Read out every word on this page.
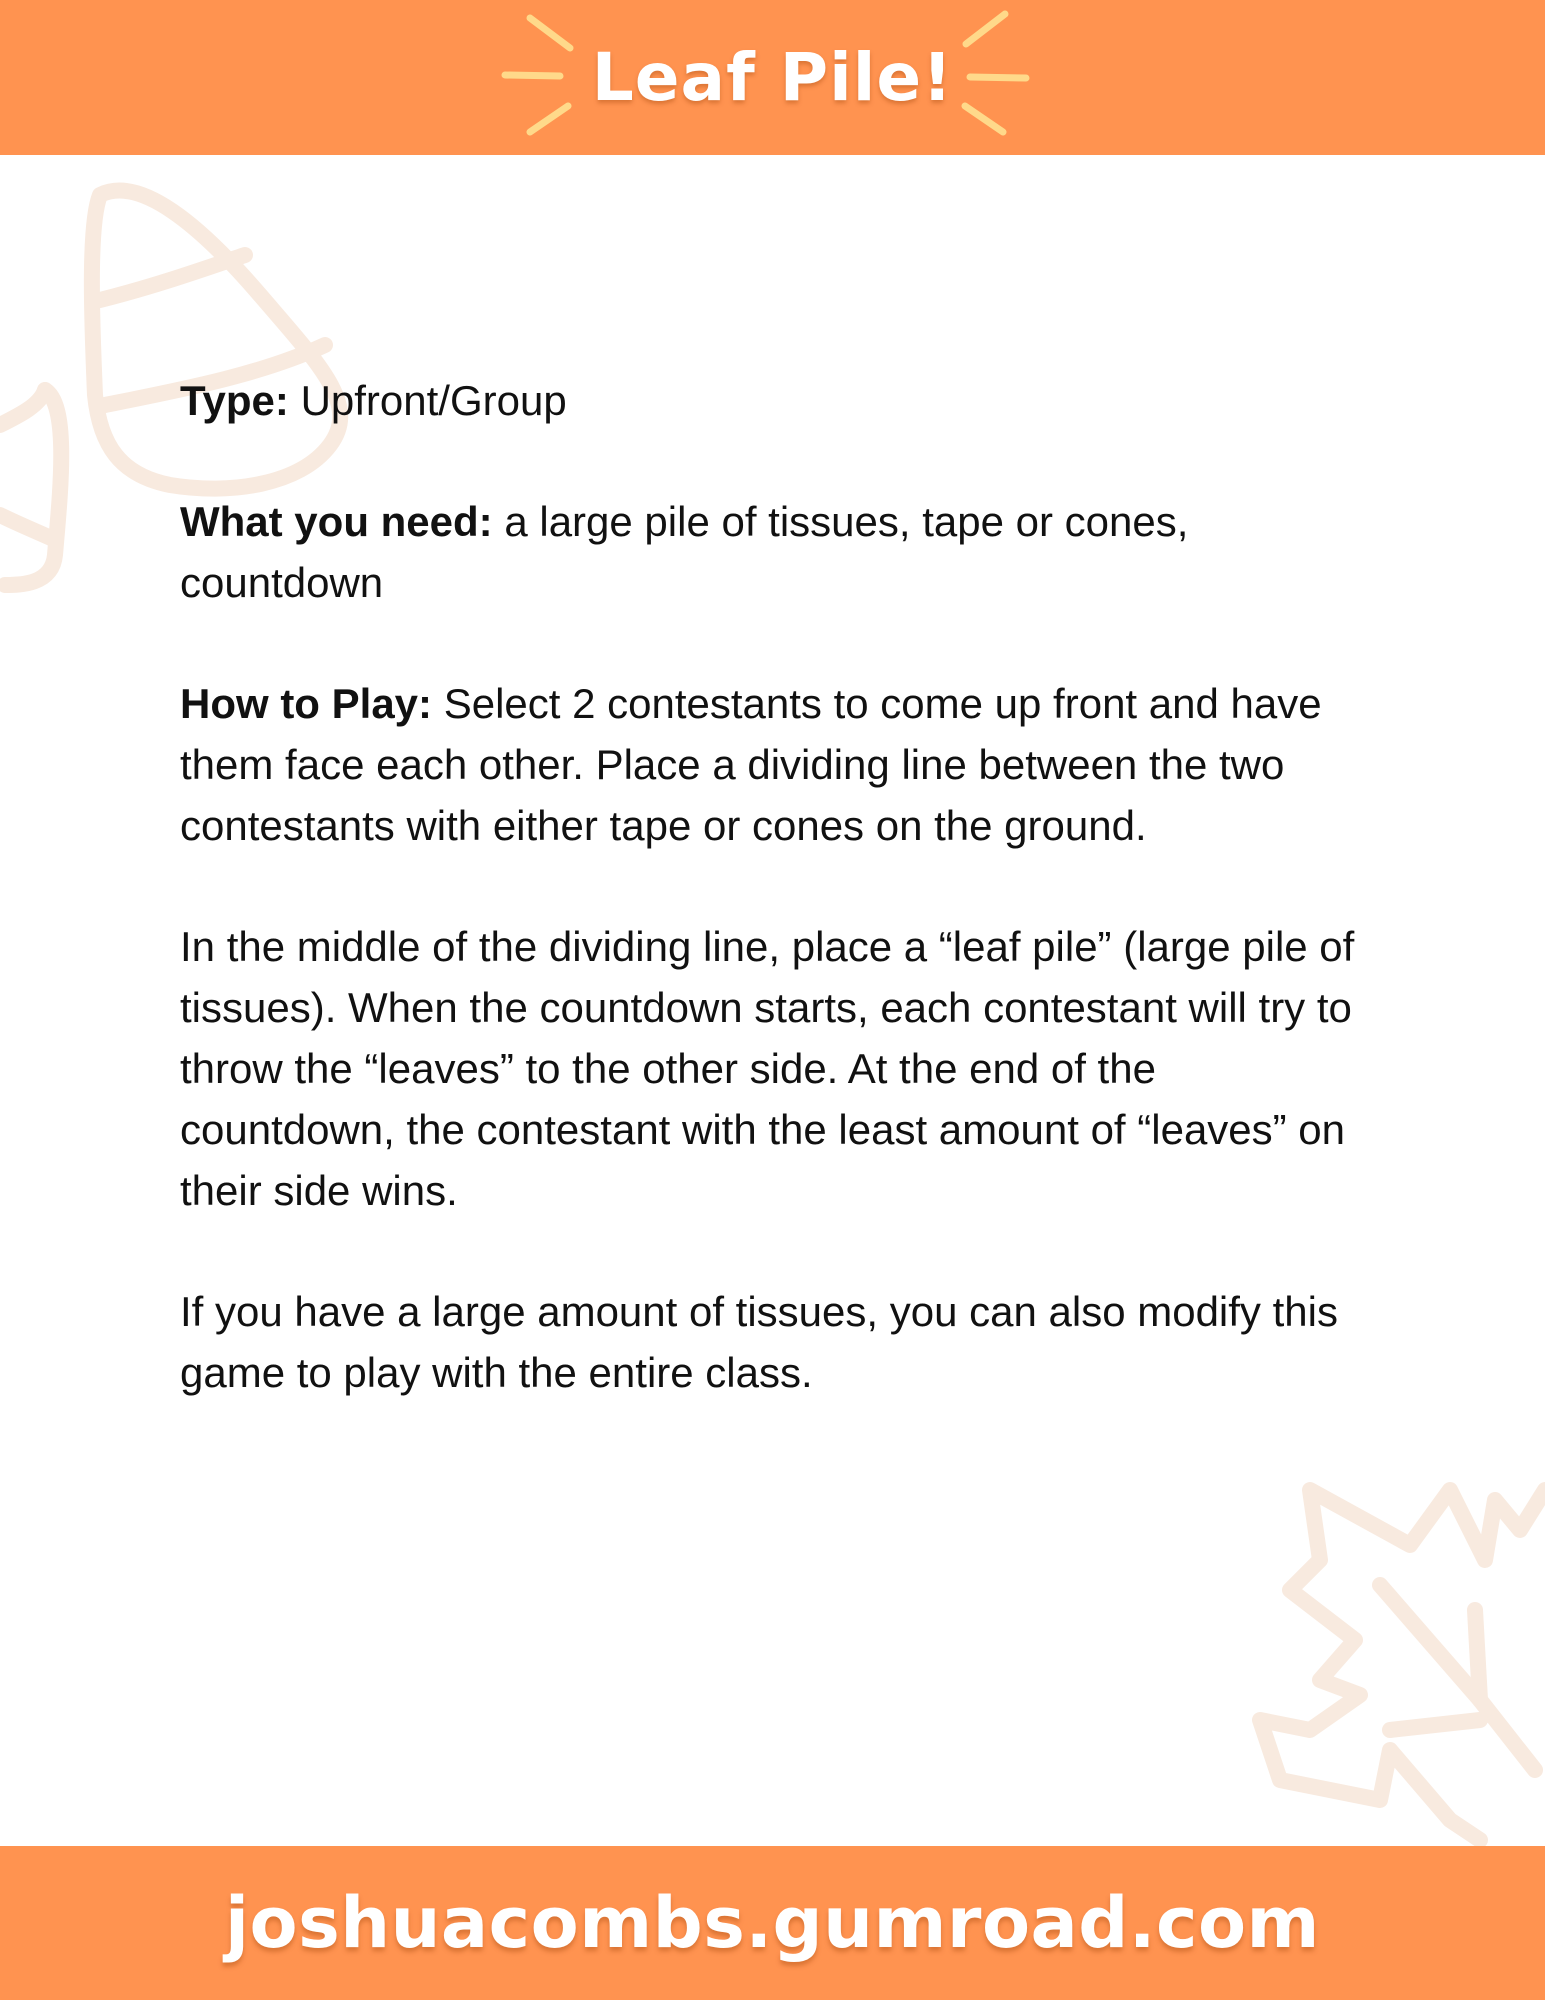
Leaf Pile!

Type: Upfront/Group

What you need: a large pile of tissues, tape or cones, countdown

How to Play: Select 2 contestants to come up front and have them face each other. Place a dividing line between the two contestants with either tape or cones on the ground.

In the middle of the dividing line, place a “leaf pile” (large pile of tissues). When the countdown starts, each contestant will try to throw the “leaves” to the other side. At the end of the countdown, the contestant with the least amount of “leaves” on their side wins.

If you have a large amount of tissues, you can also modify this game to play with the entire class.

joshuacombs.gumroad.com
